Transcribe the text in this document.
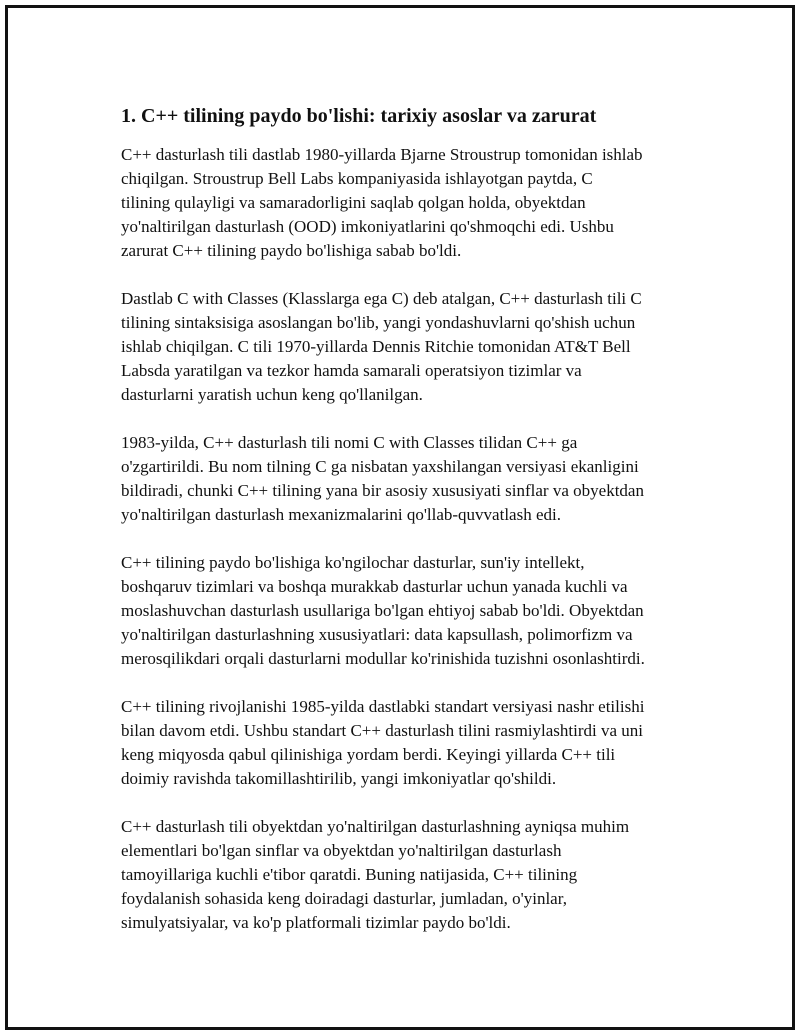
1. C++ tilining paydo bo'lishi: tarixiy asoslar va zarurat

C++ dasturlash tili dastlab 1980-yillarda Bjarne Stroustrup tomonidan ishlab
chiqilgan. Stroustrup Bell Labs kompaniyasida ishlayotgan paytda, C
tilining qulayligi va samaradorligini saqlab qolgan holda, obyektdan
yo'naltirilgan dasturlash (OOD) imkoniyatlarini qo'shmoqchi edi. Ushbu
zarurat C++ tilining paydo bo'lishiga sabab bo'ldi.

Dastlab C with Classes (Klasslarga ega C) deb atalgan, C++ dasturlash tili C
tilining sintaksisiga asoslangan bo'lib, yangi yondashuvlarni qo'shish uchun
ishlab chiqilgan. C tili 1970-yillarda Dennis Ritchie tomonidan AT&T Bell
Labsda yaratilgan va tezkor hamda samarali operatsiyon tizimlar va
dasturlarni yaratish uchun keng qo'llanilgan.

1983-yilda, C++ dasturlash tili nomi C with Classes tilidan C++ ga
o'zgartirildi. Bu nom tilning C ga nisbatan yaxshilangan versiyasi ekanligini
bildiradi, chunki C++ tilining yana bir asosiy xususiyati sinflar va obyektdan
yo'naltirilgan dasturlash mexanizmalarini qo'llab-quvvatlash edi.

C++ tilining paydo bo'lishiga ko'ngilochar dasturlar, sun'iy intellekt,
boshqaruv tizimlari va boshqa murakkab dasturlar uchun yanada kuchli va
moslashuvchan dasturlash usullariga bo'lgan ehtiyoj sabab bo'ldi. Obyektdan
yo'naltirilgan dasturlashning xususiyatlari: data kapsullash, polimorfizm va
merosqilikdari orqali dasturlarni modullar ko'rinishida tuzishni osonlashtirdi.

C++ tilining rivojlanishi 1985-yilda dastlabki standart versiyasi nashr etilishi
bilan davom etdi. Ushbu standart C++ dasturlash tilini rasmiylashtirdi va uni
keng miqyosda qabul qilinishiga yordam berdi. Keyingi yillarda C++ tili
doimiy ravishda takomillashtirilib, yangi imkoniyatlar qo'shildi.

C++ dasturlash tili obyektdan yo'naltirilgan dasturlashning ayniqsa muhim
elementlari bo'lgan sinflar va obyektdan yo'naltirilgan dasturlash
tamoyillariga kuchli e'tibor qaratdi. Buning natijasida, C++ tilining
foydalanish sohasida keng doiradagi dasturlar, jumladan, o'yinlar,
simulyatsiyalar, va ko'p platformali tizimlar paydo bo'ldi.
